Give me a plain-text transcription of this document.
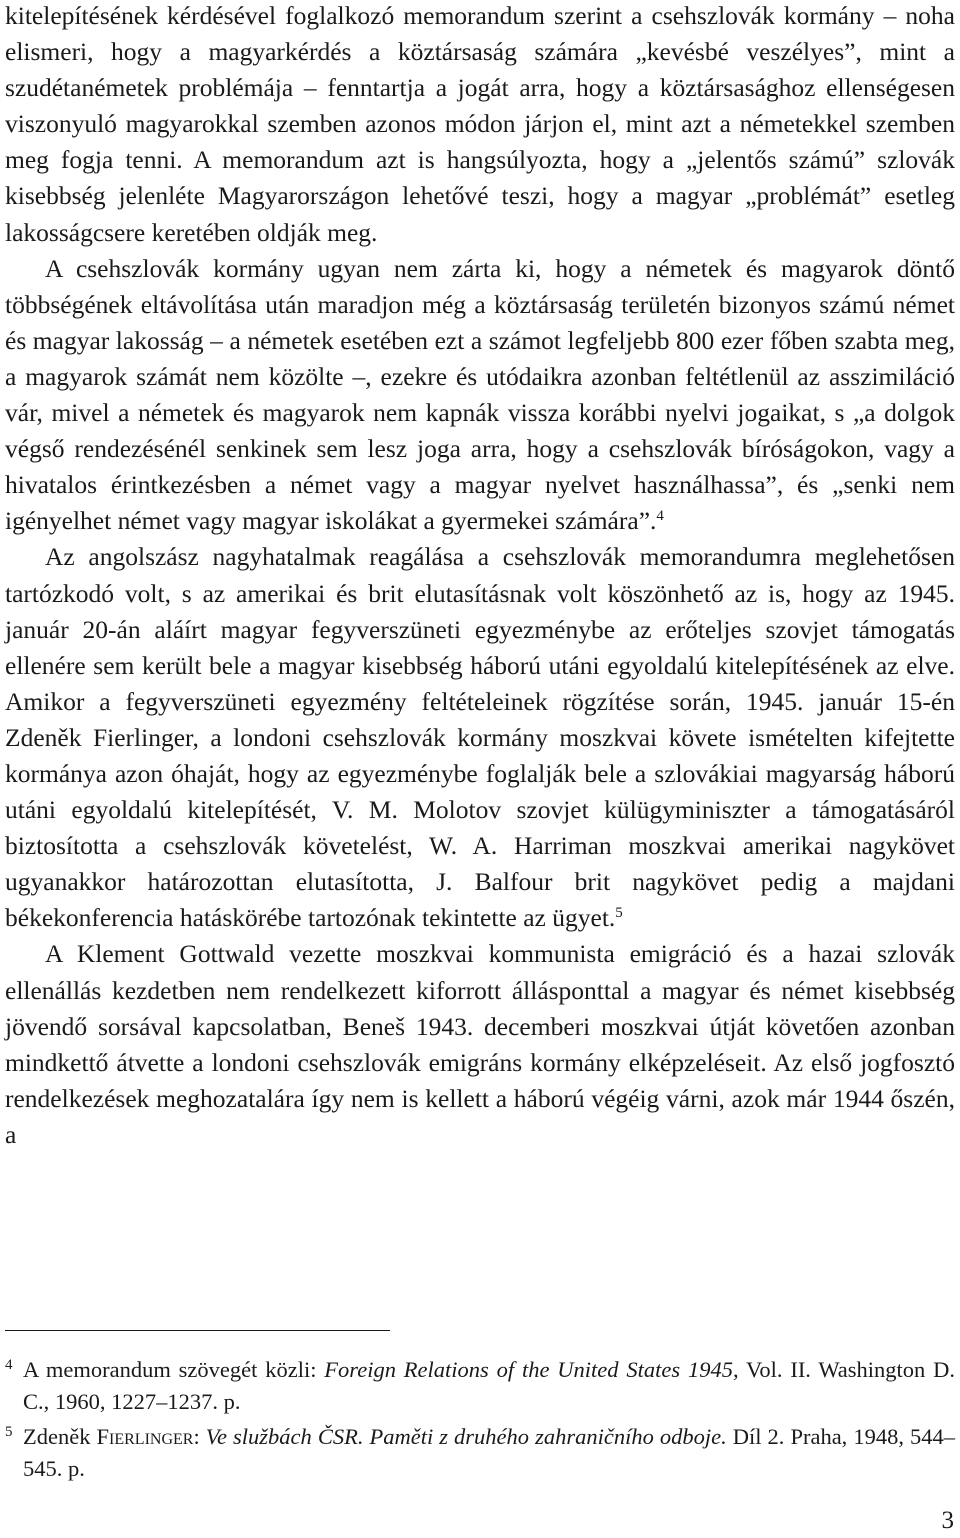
kitelepítésének kérdésével foglalkozó memorandum szerint a csehszlovák kormány – noha elismeri, hogy a magyarkérdés a köztársaság számára „kevésbé veszélyes”, mint a szudétanémetek problémája – fenntartja a jogát arra, hogy a köztársasághoz ellenségesen viszonyuló magyarokkal szemben azonos módon járjon el, mint azt a németekkel szemben meg fogja tenni. A memorandum azt is hangsúlyozta, hogy a „jelentős számú” szlovák kisebbség jelenléte Magyarországon lehetővé teszi, hogy a magyar „problémát” esetleg lakosságcsere keretében oldják meg.

A csehszlovák kormány ugyan nem zárta ki, hogy a németek és magyarok döntő többségének eltávolítása után maradjon még a köztársaság területén bizonyos számú német és magyar lakosság – a németek esetében ezt a számot legfeljebb 800 ezer főben szabta meg, a magyarok számát nem közölte –, ezekre és utódaikra azonban feltétlenül az asszimiláció vár, mivel a németek és magyarok nem kapnák vissza korábbi nyelvi jogaikat, s „a dolgok végső rendezésénél senkinek sem lesz joga arra, hogy a csehszlovák bíróságokon, vagy a hivatalos érintkezésben a német vagy a magyar nyelvet használhassa”, és „senki nem igényelhet német vagy magyar iskolákat a gyermekei számára”.$^4$

Az angolszász nagyhatalmak reagálása a csehszlovák memorandumra meglehetősen tartózkodó volt, s az amerikai és brit elutasításnak volt köszönhető az is, hogy az 1945. január 20-án aláírt magyar fegyverszüneti egyezménybe az erőteljes szovjet támogatás ellenére sem került bele a magyar kisebbség háború utáni egyoldalú kitelepítésének az elve. Amikor a fegyverszüneti egyezmény feltételeinek rögzítése során, 1945. január 15-én Zdeněk Fierlinger, a londoni csehszlovák kormány moszkvai követe ismételten kifejtette kormánya azon óhaját, hogy az egyezménybe foglalják bele a szlovákiai magyarság háború utáni egyoldalú kitelepítését, V. M. Molotov szovjet külügyminiszter a támogatásáról biztosította a csehszlovák követelést, W. A. Harriman moszkvai amerikai nagykövet ugyanakkor határozottan elutasította, J. Balfour brit nagykövet pedig a majdani békekonferencia hatáskörébe tartozónak tekintette az ügyet.$^5$

A Klement Gottwald vezette moszkvai kommunista emigráció és a hazai szlovák ellenállás kezdetben nem rendelkezett kiforrott állásponttal a magyar és német kisebbség jövendő sorsával kapcsolatban, Beneš 1943. decemberi moszkvai útját követően azonban mindkettő átvette a londoni csehszlovák emigráns kormány elképzeléseit. Az első jogfosztó rendelkezések meghozatalára így nem is kellett a háború végéig várni, azok már 1944 őszén, a

4 A memorandum szövegét közli: Foreign Relations of the United States 1945, Vol. II. Washington D. C., 1960, 1227–1237. p.
5 Zdeněk Fierlinger: Ve službách ČSR. Paměti z druhého zahraničního odboje. Díl 2. Praha, 1948, 544–545. p.
3
